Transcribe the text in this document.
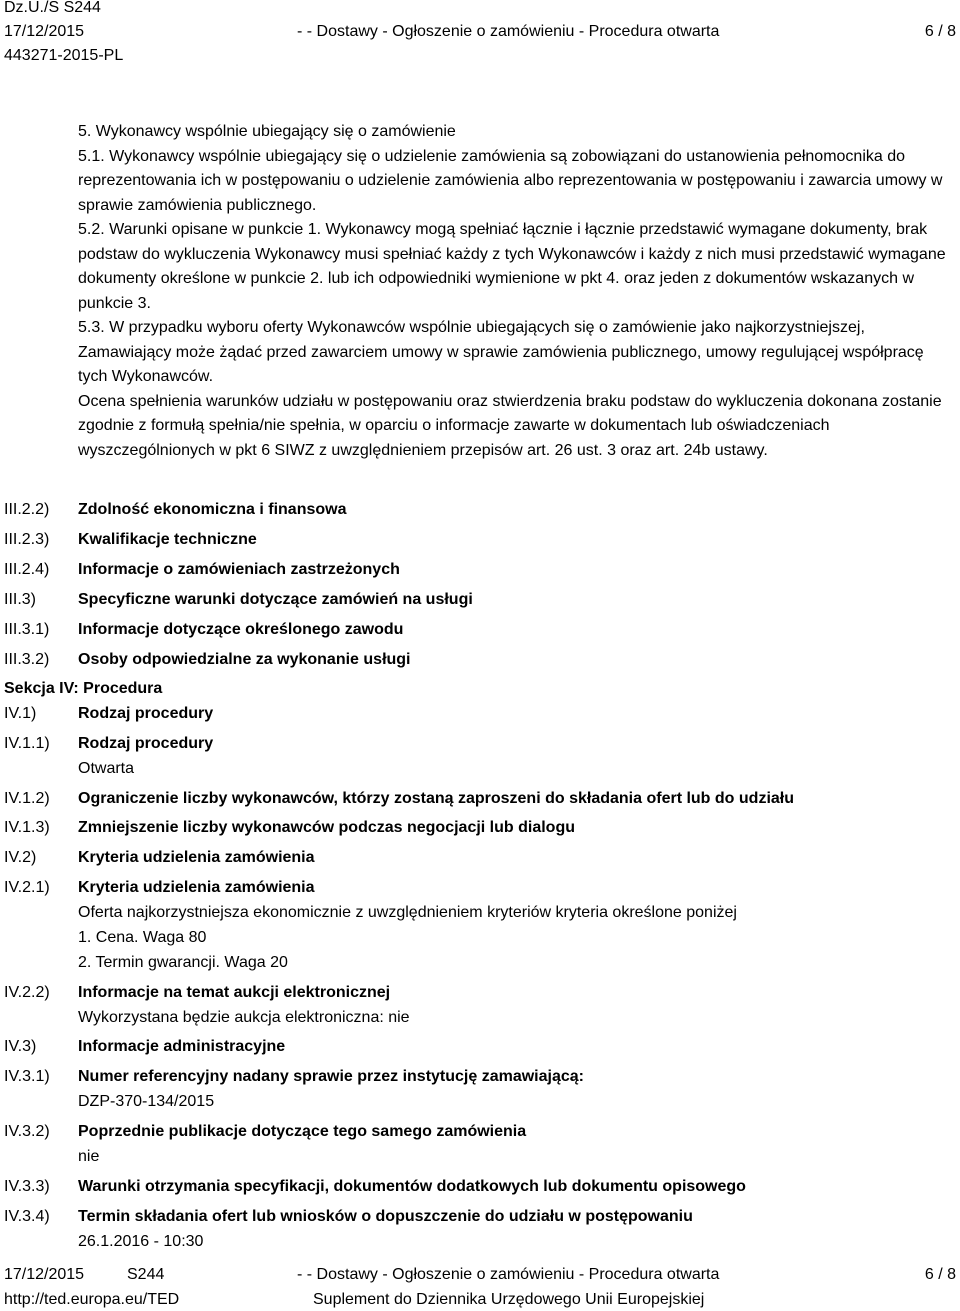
Dz.U./S S244
17/12/2015
443271-2015-PL
- - Dostawy - Ogłoszenie o zamówieniu - Procedura otwarta	6 / 8

5. Wykonawcy wspólnie ubiegający się o zamówienie

5.1. Wykonawcy wspólnie ubiegający się o udzielenie zamówienia są zobowiązani do ustanowienia pełnomocnika do reprezentowania ich w postępowaniu o udzielenie zamówienia albo reprezentowania w postępowaniu i zawarcia umowy w sprawie zamówienia publicznego.

5.2. Warunki opisane w punkcie 1. Wykonawcy mogą spełniać łącznie i łącznie przedstawić wymagane dokumenty, brak podstaw do wykluczenia Wykonawcy musi spełniać każdy z tych Wykonawców i każdy z nich musi przedstawić wymagane dokumenty określone w punkcie 2. lub ich odpowiedniki wymienione w pkt 4. oraz jeden z dokumentów wskazanych w punkcie 3.

5.3. W przypadku wyboru oferty Wykonawców wspólnie ubiegających się o zamówienie jako najkorzystniejszej, Zamawiający może żądać przed zawarciem umowy w sprawie zamówienia publicznego, umowy regulującej współpracę tych Wykonawców.

Ocena spełnienia warunków udziału w postępowaniu oraz stwierdzenia braku podstaw do wykluczenia dokonana zostanie zgodnie z formułą spełnia/nie spełnia, w oparciu o informacje zawarte w dokumentach lub oświadczeniach wyszczególnionych w pkt 6 SIWZ z uwzględnieniem przepisów art. 26 ust. 3 oraz art. 24b ustawy.

III.2.2) Zdolność ekonomiczna i finansowa
III.2.3) Kwalifikacje techniczne
III.2.4) Informacje o zamówieniach zastrzeżonych
III.3)	Specyficzne warunki dotyczące zamówień na usługi
III.3.1) Informacje dotyczące określonego zawodu
III.3.2) Osoby odpowiedzialne za wykonanie usługi
Sekcja IV: Procedura
IV.1)	Rodzaj procedury
IV.1.1) Rodzaj procedury
Otwarta
IV.1.2) Ograniczenie liczby wykonawców, którzy zostaną zaproszeni do składania ofert lub do udziału
IV.1.3) Zmniejszenie liczby wykonawców podczas negocjacji lub dialogu
IV.2)	Kryteria udzielenia zamówienia
IV.2.1) Kryteria udzielenia zamówienia
Oferta najkorzystniejsza ekonomicznie z uwzględnieniem kryteriów kryteria określone poniżej
1. Cena. Waga 80
2. Termin gwarancji. Waga 20
IV.2.2) Informacje na temat aukcji elektronicznej
Wykorzystana będzie aukcja elektroniczna: nie
IV.3)	Informacje administracyjne
IV.3.1) Numer referencyjny nadany sprawie przez instytucję zamawiającą:
DZP-370-134/2015
IV.3.2) Poprzednie publikacje dotyczące tego samego zamówienia
nie
IV.3.3) Warunki otrzymania specyfikacji, dokumentów dodatkowych lub dokumentu opisowego
IV.3.4) Termin składania ofert lub wniosków o dopuszczenie do udziału w postępowaniu
26.1.2016 - 10:30
17/12/2015	S244
http://ted.europa.eu/TED
- - Dostawy - Ogłoszenie o zamówieniu - Procedura otwarta
Suplement do Dziennika Urzędowego Unii Europejskiej
6 / 8
